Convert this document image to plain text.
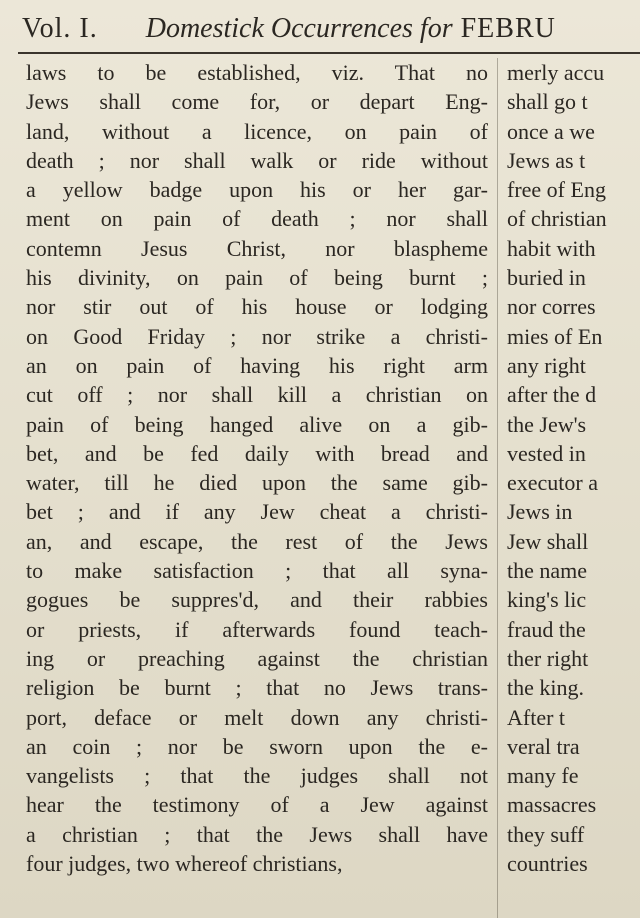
Vol. I. Domestick Occurrences for FEBRU
laws to be established, viz. That no
Jews shall come for, or depart Eng-
land, without a licence, on pain of
death ; nor shall walk or ride without
a yellow badge upon his or her gar-
ment on pain of death ; nor shall
contemn Jesus Christ, nor blaspheme
his divinity, on pain of being burnt ;
nor stir out of his house or lodging
on Good Friday ; nor strike a christi-
an on pain of having his right arm
cut off ; nor shall kill a christian on
pain of being hanged alive on a gib-
bet, and be fed daily with bread and
water, till he died upon the same gib-
bet ; and if any Jew cheat a christi-
an, and escape, the rest of the Jews
to make satisfaction ; that all syna-
gogues be suppres'd, and their rabbies
or priests, if afterwards found teach-
ing or preaching against the christian
religion be burnt ; that no Jews trans-
port, deface or melt down any christi-
an coin ; nor be sworn upon the e-
vangelists ; that the judges shall not
hear the testimony of a Jew against
a christian ; that the Jews shall have
four judges, two whereof christians,
merly accu
shall go t
once a we
Jews as t
free of Eng
of christian
habit with
buried in
nor corres
mies of En
any right
after the d
the Jew's
vested in
executor a
Jews in
Jew shall
the name
king's lic
fraud the
ther right
the king.
After t
veral tra
many fe
massacres
they suff
countries
